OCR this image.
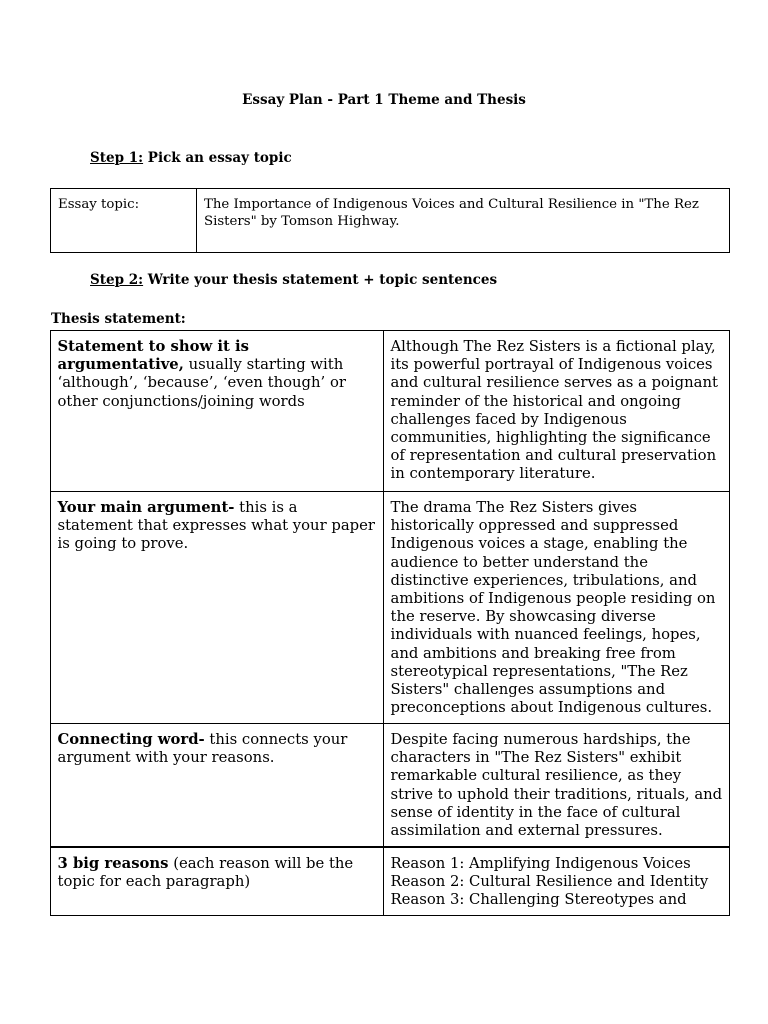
Essay Plan - Part 1 Theme and Thesis
Step 1: Pick an essay topic
Essay topic:	The Importance of Indigenous Voices and Cultural Resilience in "The Rez Sisters" by Tomson Highway.
Step 2: Write your thesis statement + topic sentences
Thesis statement:
Statement to show it is argumentative, usually starting with ‘although’, ‘because’, ‘even though’ or other conjunctions/joining words	Although The Rez Sisters is a fictional play, its powerful portrayal of Indigenous voices and cultural resilience serves as a poignant reminder of the historical and ongoing challenges faced by Indigenous communities, highlighting the significance of representation and cultural preservation in contemporary literature.

Your main argument- this is a statement that expresses what your paper is going to prove.	The drama The Rez Sisters gives historically oppressed and suppressed Indigenous voices a stage, enabling the audience to better understand the distinctive experiences, tribulations, and ambitions of Indigenous people residing on the reserve. By showcasing diverse individuals with nuanced feelings, hopes, and ambitions and breaking free from stereotypical representations, "The Rez Sisters" challenges assumptions and preconceptions about Indigenous cultures.

Connecting word- this connects your argument with your reasons.	Despite facing numerous hardships, the characters in "The Rez Sisters" exhibit remarkable cultural resilience, as they strive to uphold their traditions, rituals, and sense of identity in the face of cultural assimilation and external pressures.

3 big reasons (each reason will be the topic for each paragraph)	Reason 1: Amplifying Indigenous Voices
Reason 2: Cultural Resilience and Identity
Reason 3: Challenging Stereotypes and
